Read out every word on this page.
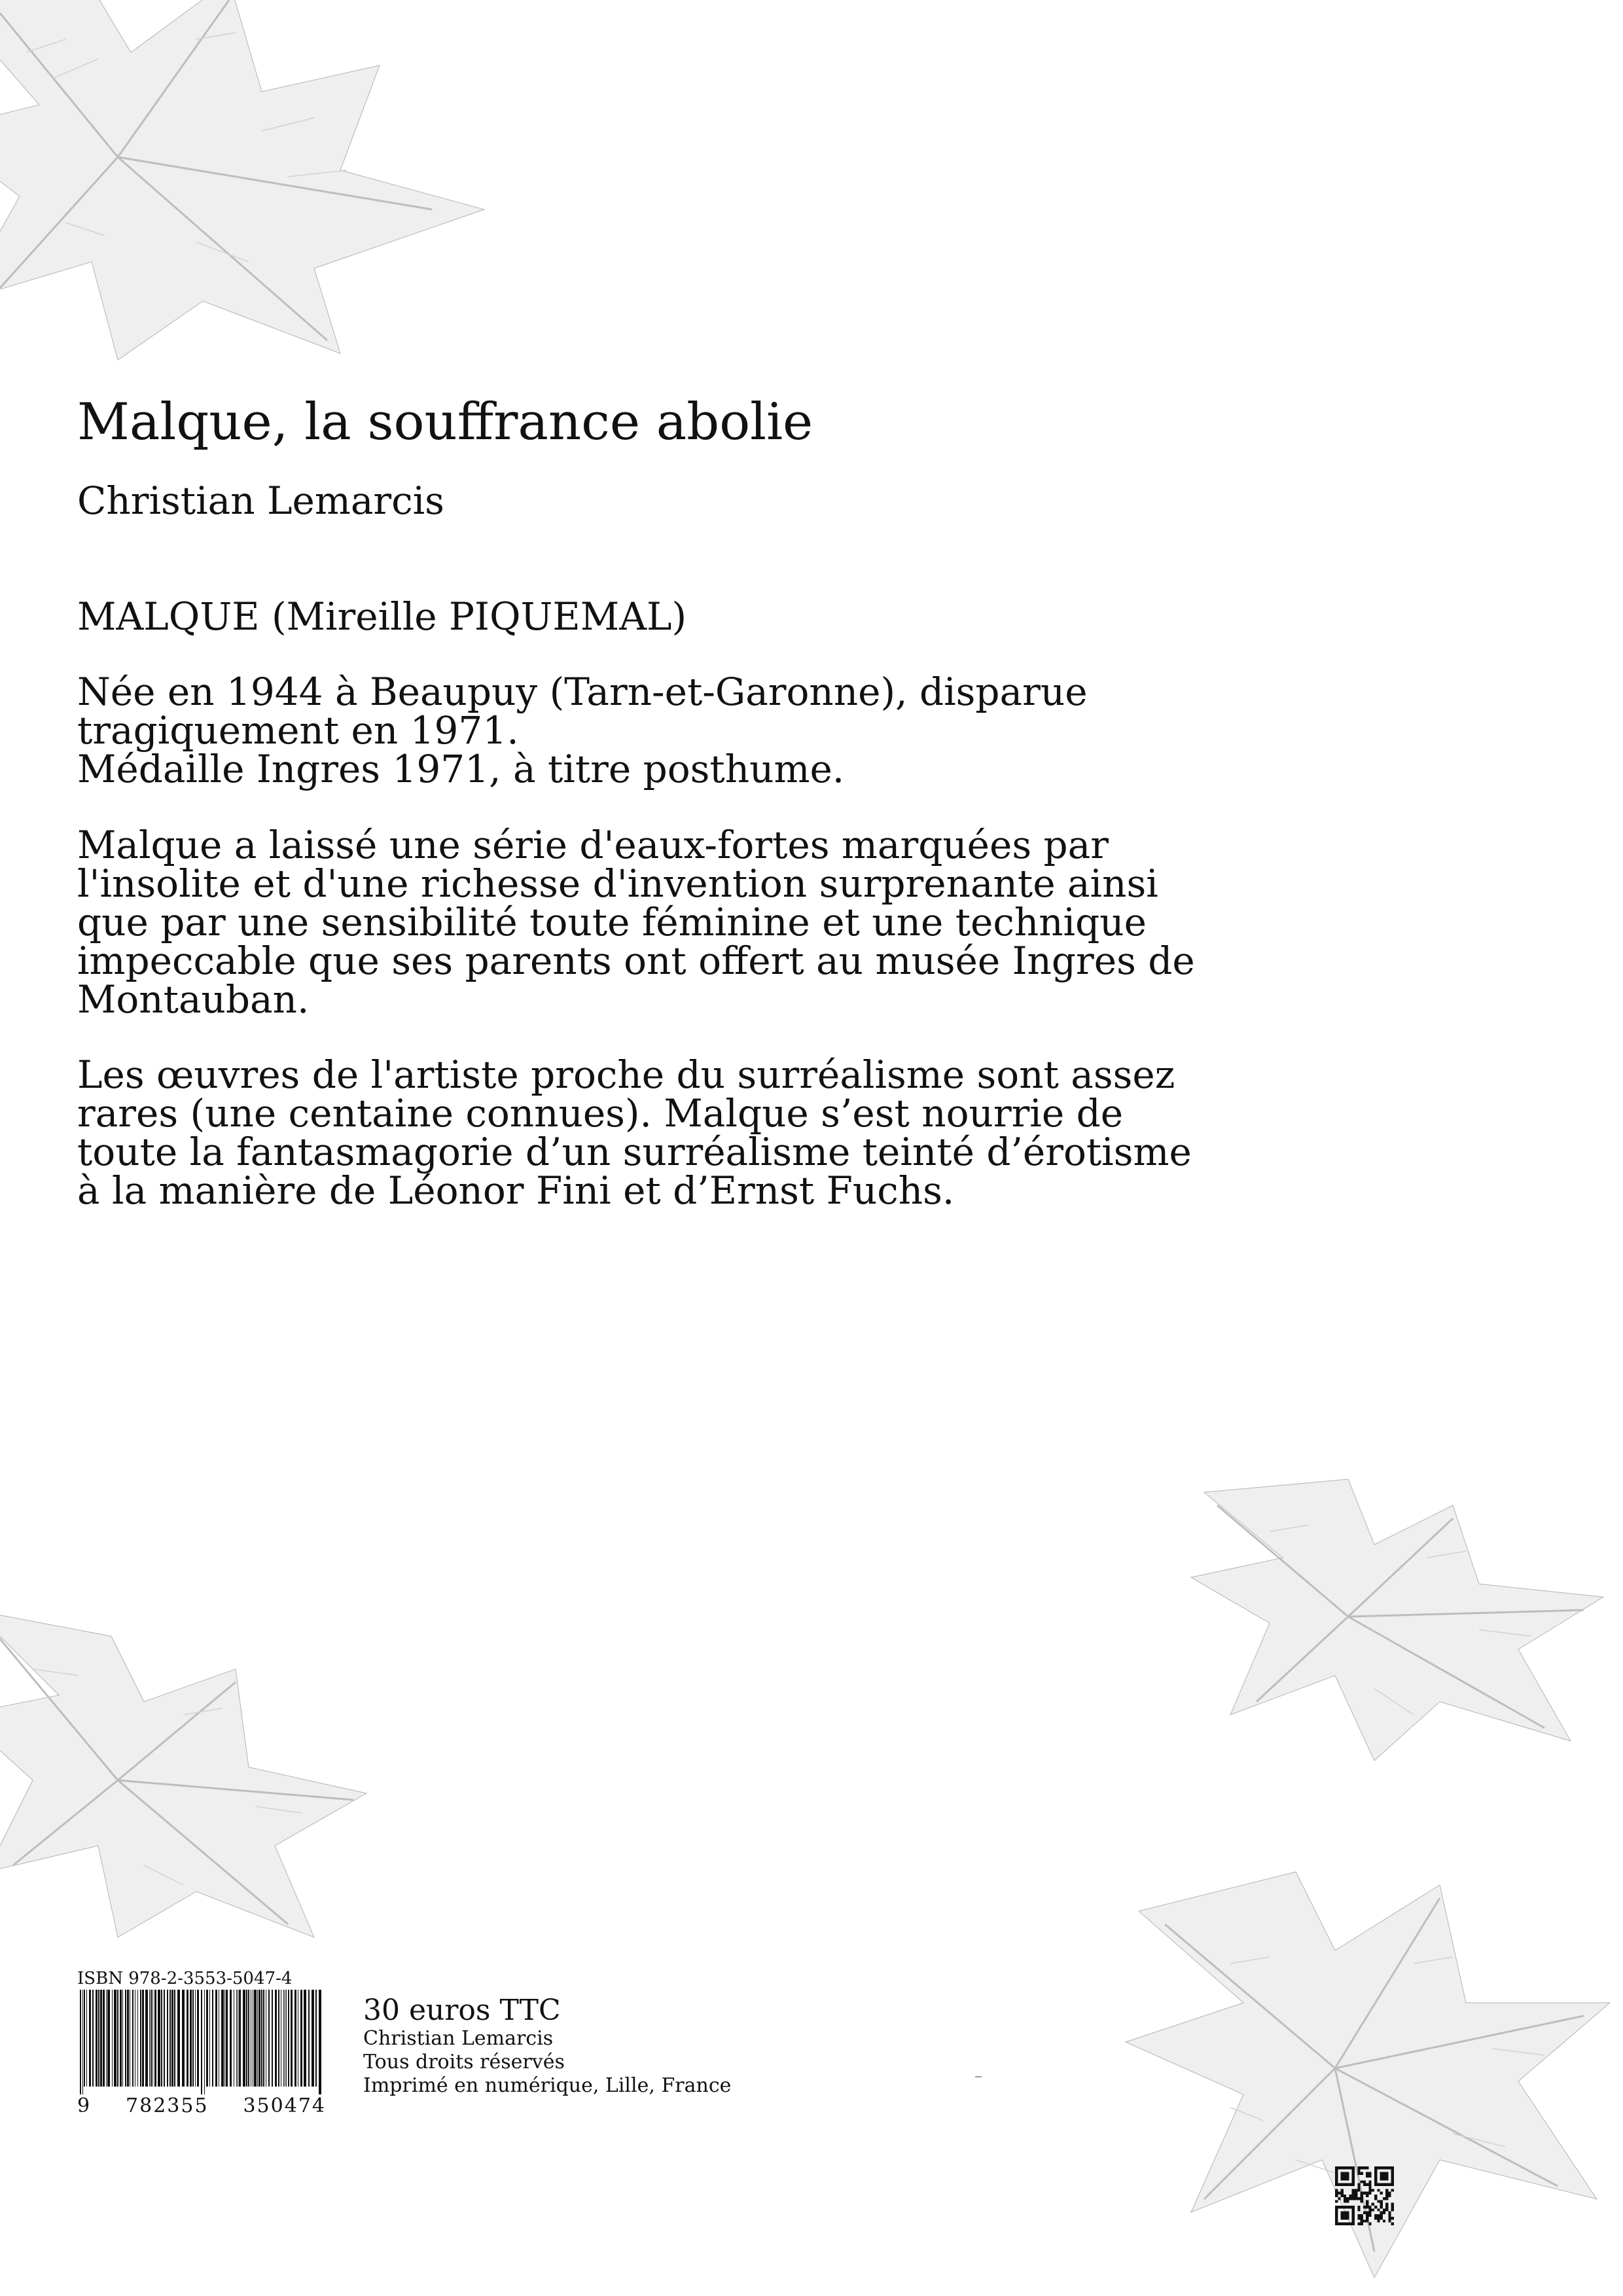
Malque, la souffrance abolie
Christian Lemarcis
MALQUE (Mireille PIQUEMAL)

Née en 1944 à Beaupuy (Tarn-et-Garonne), disparue
tragiquement en 1971.
Médaille Ingres 1971, à titre posthume.

Malque a laissé une série d'eaux-fortes marquées par
l'insolite et d'une richesse d'invention surprenante ainsi
que par une sensibilité toute féminine et une technique
impeccable que ses parents ont offert au musée Ingres de
Montauban.

Les œuvres de l'artiste proche du surréalisme sont assez
rares (une centaine connues). Malque s’est nourrie de
toute la fantasmagorie d’un surréalisme teinté d’érotisme
à la manière de Léonor Fini et d’Ernst Fuchs.

ISBN 978-2-3553-5047-4
9 782355 350474
30 euros TTC
Christian Lemarcis
Tous droits réservés
Imprimé en numérique, Lille, France
